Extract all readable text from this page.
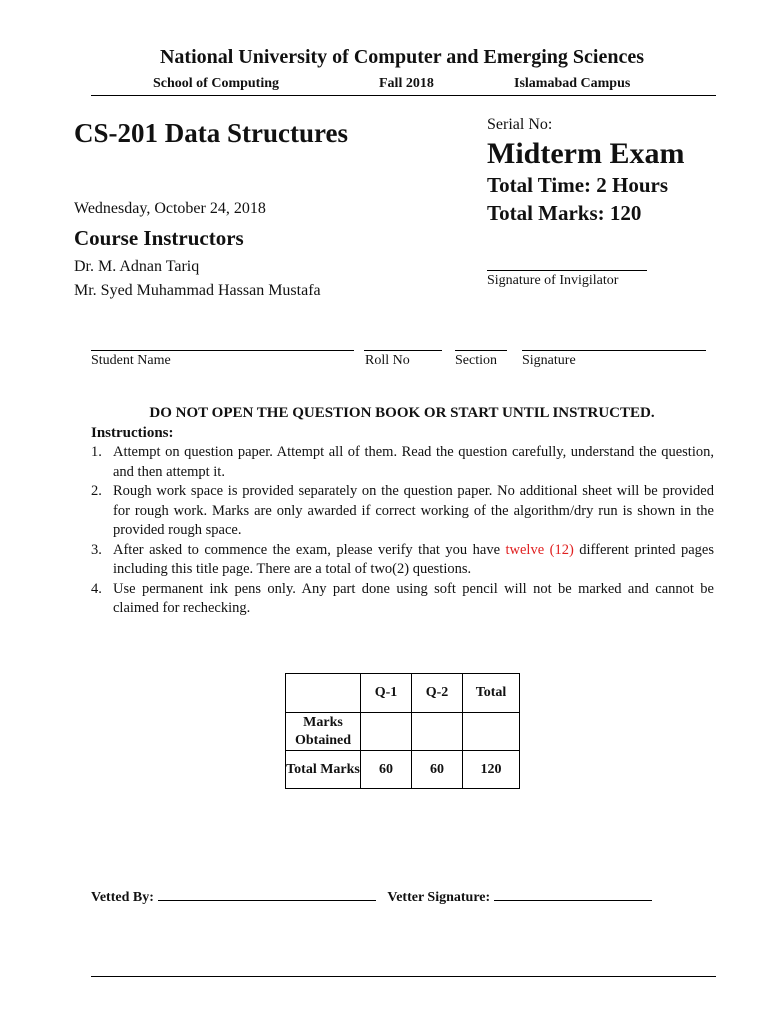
National University of Computer and Emerging Sciences
School of Computing	Fall 2018	Islamabad Campus
CS-201 Data Structures	Serial No:
Midterm Exam
Total Time: 2 Hours
Total Marks: 120
Wednesday, October 24, 2018
Course Instructors
Dr. M. Adnan Tariq
Mr. Syed Muhammad Hassan Mustafa
Signature of Invigilator
Student Name	Roll No	Section Signature
DO NOT OPEN THE QUESTION BOOK OR START UNTIL INSTRUCTED.
Instructions:
1. Attempt on question paper. Attempt all of them. Read the question carefully, understand the question, and then attempt it.
2. Rough work space is provided separately on the question paper. No additional sheet will be provided for rough work. Marks are only awarded if correct working of the algorithm/dry run is shown in the provided rough space.
3. After asked to commence the exam, please verify that you have twelve (12) different printed pages including this title page. There are a total of two(2) questions.
4. Use permanent ink pens only. Any part done using soft pencil will not be marked and cannot be claimed for rechecking.
	Q-1	Q-2	Total
Marks Obtained			
Total Marks	60	60	120
Vetted By:	Vetter Signature:
